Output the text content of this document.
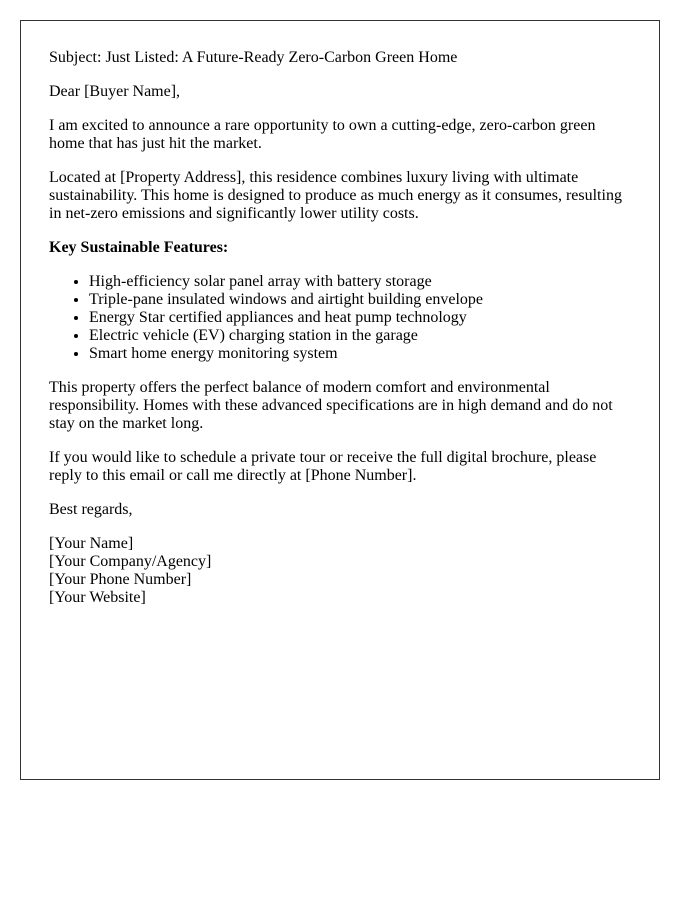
Subject: Just Listed: A Future-Ready Zero-Carbon Green Home

Dear [Buyer Name],

I am excited to announce a rare opportunity to own a cutting-edge, zero-carbon green home that has just hit the market.

Located at [Property Address], this residence combines luxury living with ultimate sustainability. This home is designed to produce as much energy as it consumes, resulting in net-zero emissions and significantly lower utility costs.

Key Sustainable Features:

• High-efficiency solar panel array with battery storage
• Triple-pane insulated windows and airtight building envelope
• Energy Star certified appliances and heat pump technology
• Electric vehicle (EV) charging station in the garage
• Smart home energy monitoring system

This property offers the perfect balance of modern comfort and environmental responsibility. Homes with these advanced specifications are in high demand and do not stay on the market long.

If you would like to schedule a private tour or receive the full digital brochure, please reply to this email or call me directly at [Phone Number].

Best regards,

[Your Name]
[Your Company/Agency]
[Your Phone Number]
[Your Website]
